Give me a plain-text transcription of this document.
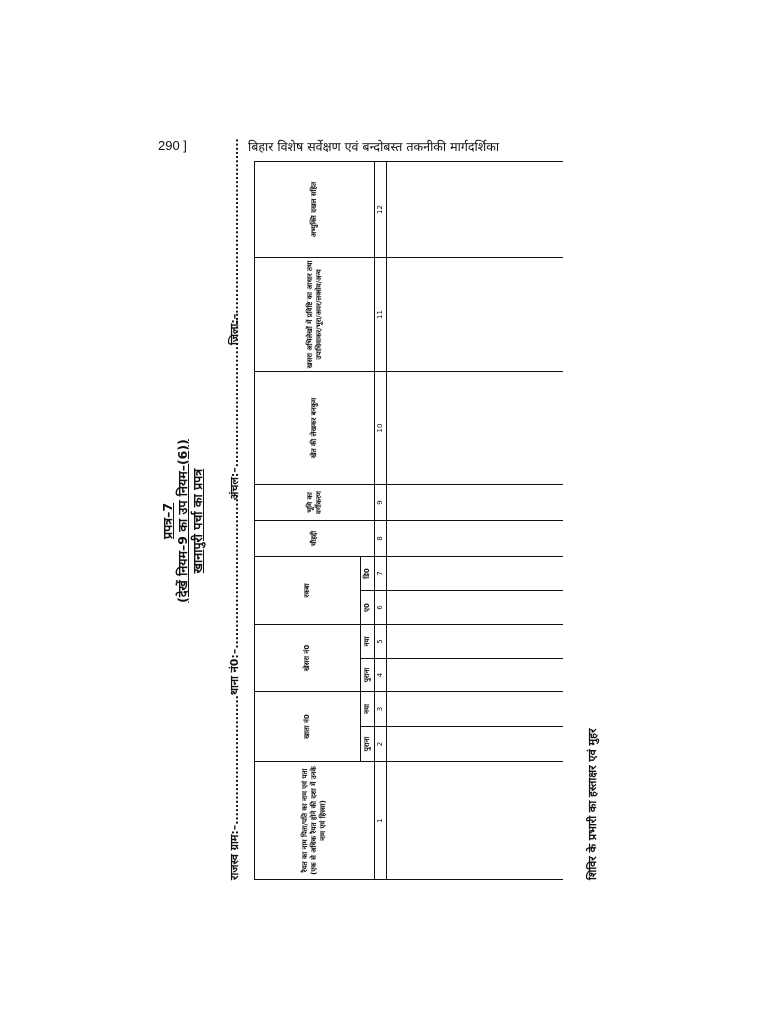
290 ]	बिहार विशेष सर्वेक्षण एवं बन्दोबस्त तकनीकी मार्गदर्शिका
प्रपत्र–7 (देखें नियम–9 का उप नियम–(6)) खानापुरी पर्चा का प्रपत्र
राजस्व ग्राम:–...............................
थाना नं0:–.....................................
अंचल:–.....................................
जिला:–..........................................
रैयत का नाम पिता/पति का नाम एवं पता (एक से अधिक रैयत होने की दशा में उनके नाम एवं हिस्सा)	खाता नं0		खेसरा नं0		रकबा		चौहद्दी	भूमि का वर्गीकरण	खेत की लेखकर बनकुम	खसरा अभिलेखों में प्रविष्टि का आधार तथा उपाधिवाकर/भूरा/अवर/लक्सेव/अन्य	अभ्युक्ति दखल सहित
	पुराना	नया	पुराना	नया	ए0	डि0					
1	2	3	4	5	6	7	8	9	10	11	12

शिविर के प्रभारी का हस्ताक्षर एवं मुहर
